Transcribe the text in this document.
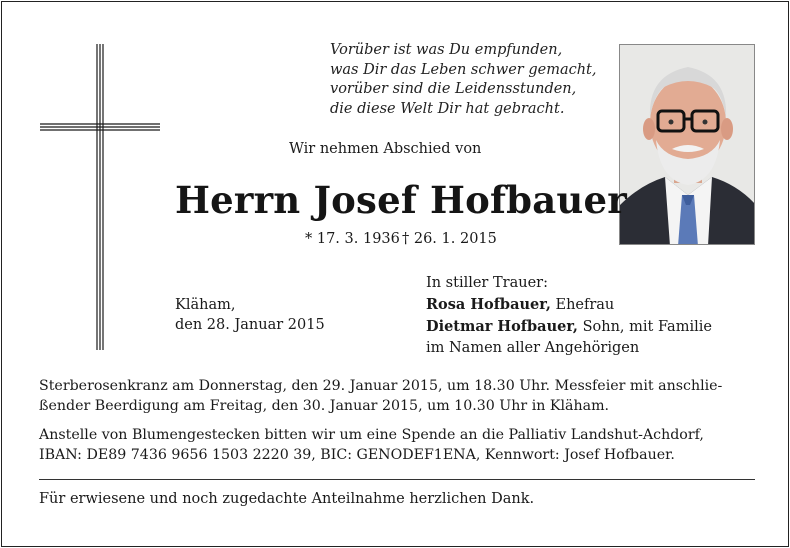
Vorüber ist was Du empfunden,
was Dir das Leben schwer gemacht,
vorüber sind die Leidensstunden,
die diese Welt Dir hat gebracht.
Wir nehmen Abschied von
Herrn Josef Hofbauer
* 17. 3. 1936 † 26. 1. 2015
Kläham,
den 28. Januar 2015
In stiller Trauer:
Rosa Hofbauer, Ehefrau
Dietmar Hofbauer, Sohn, mit Familie
im Namen aller Angehörigen
Sterberosenkranz am Donnerstag, den 29. Januar 2015, um 18.30 Uhr. Messfeier mit anschlie-
ßender Beerdigung am Freitag, den 30. Januar 2015, um 10.30 Uhr in Kläham.
Anstelle von Blumengestecken bitten wir um eine Spende an die Palliativ Landshut-Achdorf,
IBAN: DE89 7436 9656 1503 2220 39, BIC: GENODEF1ENA, Kennwort: Josef Hofbauer.
Für erwiesene und noch zugedachte Anteilnahme herzlichen Dank.
